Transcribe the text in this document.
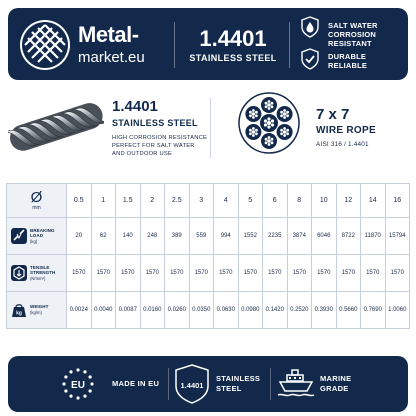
Metal-
market.eu
1.4401
STAINLESS STEEL
SALT WATER
CORROSION RESISTANT
DURABLE
RELIABLE
1.4401
STAINLESS STEEL
HIGH CORROSION RESISTANCE
PERFECT FOR SALT WATER
AND OUTDOOR USE
7 x 7
WIRE ROPE
AISI 316 / 1.4401
Ø
mm	0.5	1	1.5	2	2.5	3	4	5	6	8	10	12	14	16

BREAKING
LOAD
(kg)	20	62	140	248	389	559	994	1552	2235	3874	6046	8722	11870	15794

TENSILE
STRENGTH
(N/mm²)	1570	1570	1570	1570	1570	1570	1570	1570	1570	1570	1570	1570	1570	1570

kg
WEIGHT
(kg/m)	0.0024	0.0040	0.0087	0.0160	0.0260	0.0350	0.0630	0.0980	0.1420	0.2520	0.3930	0.5660	0.7690	1.0060
EU	MADE IN EU	1.4401
STAINLESS
STEEL
MARINE
GRADE
